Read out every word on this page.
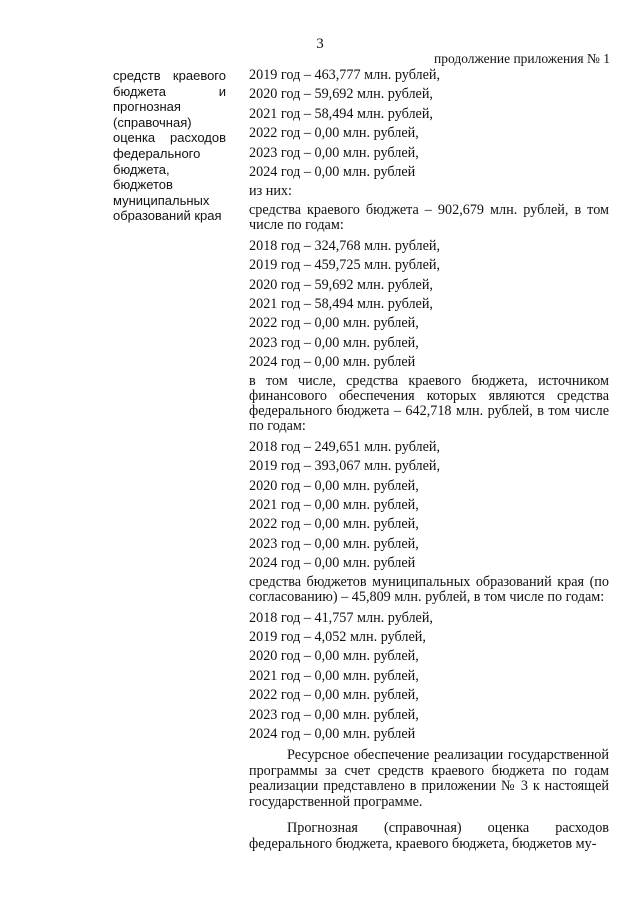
3
продолжение приложения № 1
средств краевого бюджета и прогнозная (справочная) оценка расходов федерального бюджета, бюджетов муниципальных образований края
2019 год – 463,777 млн. рублей,
2020 год – 59,692 млн. рублей,
2021 год – 58,494 млн. рублей,
2022 год – 0,00 млн. рублей,
2023 год – 0,00 млн. рублей,
2024 год – 0,00 млн. рублей
из них:
средства краевого бюджета – 902,679 млн. рублей, в том числе по годам:
2018 год – 324,768 млн. рублей,
2019 год – 459,725 млн. рублей,
2020 год – 59,692 млн. рублей,
2021 год – 58,494 млн. рублей,
2022 год – 0,00 млн. рублей,
2023 год – 0,00 млн. рублей,
2024 год – 0,00 млн. рублей
в том числе, средства краевого бюджета, источником финансового обеспечения которых являются средства федерального бюджета – 642,718 млн. рублей, в том числе по годам:
2018 год – 249,651 млн. рублей,
2019 год – 393,067 млн. рублей,
2020 год – 0,00 млн. рублей,
2021 год – 0,00 млн. рублей,
2022 год – 0,00 млн. рублей,
2023 год – 0,00 млн. рублей,
2024 год – 0,00 млн. рублей
средства бюджетов муниципальных образований края (по согласованию) – 45,809 млн. рублей, в том числе по годам:
2018 год – 41,757 млн. рублей,
2019 год – 4,052 млн. рублей,
2020 год – 0,00 млн. рублей,
2021 год – 0,00 млн. рублей,
2022 год – 0,00 млн. рублей,
2023 год – 0,00 млн. рублей,
2024 год – 0,00 млн. рублей
Ресурсное обеспечение реализации государственной программы за счет средств краевого бюджета по годам реализации представлено в приложении № 3 к настоящей государственной программе.
Прогнозная (справочная) оценка расходов федерального бюджета, краевого бюджета, бюджетов му-
